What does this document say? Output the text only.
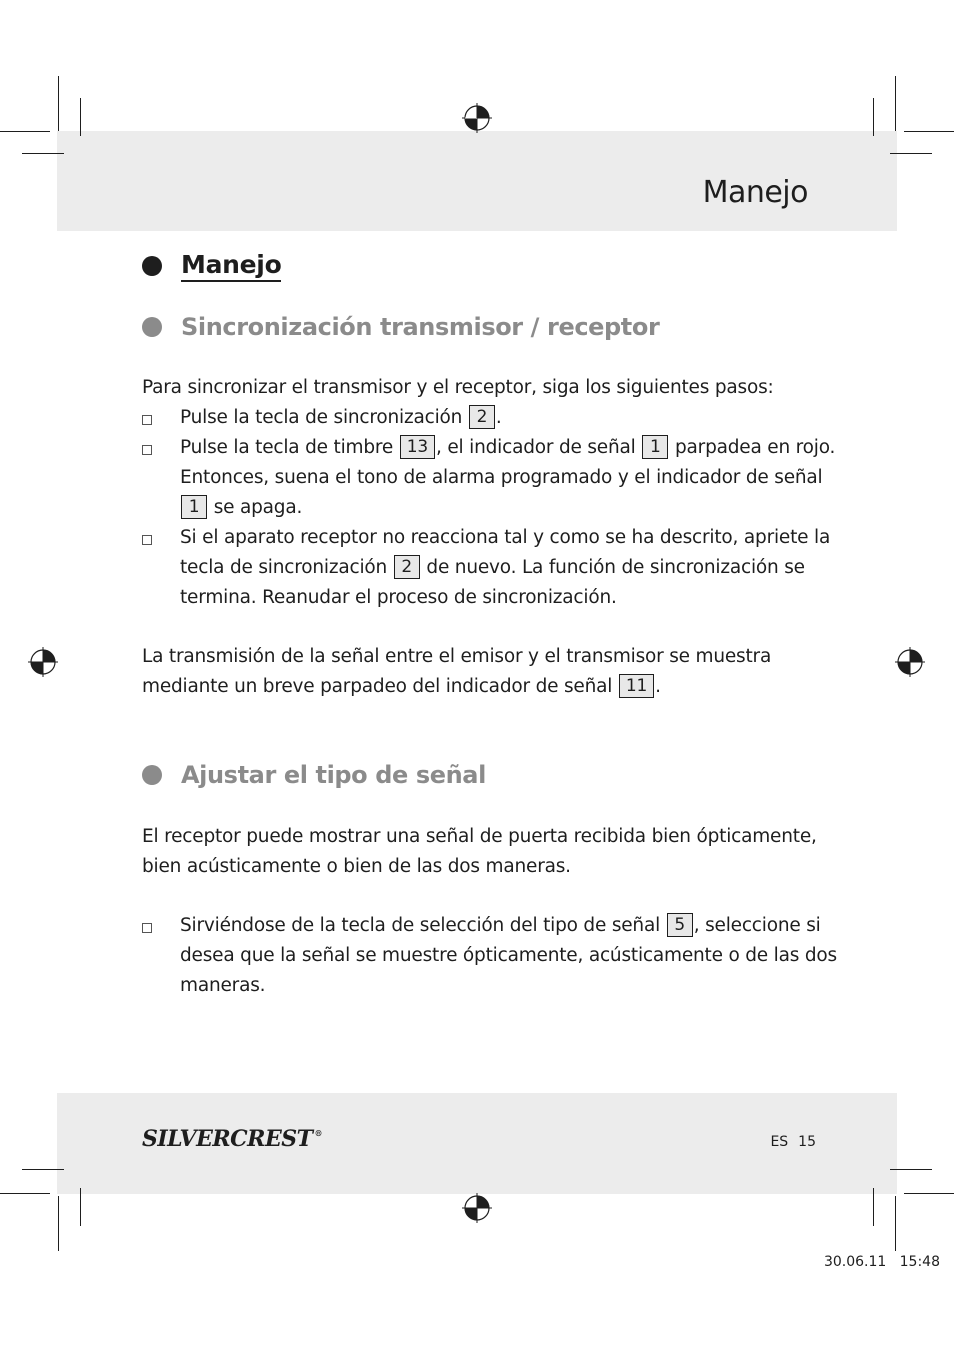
Manejo
Manejo
Sincronización transmisor / receptor
Para sincronizar el transmisor y el receptor, siga los siguientes pasos:
Pulse la tecla de sincronización 2 .
Pulse la tecla de timbre 13 , el indicador de señal 1 parpadea en rojo. Entonces, suena el tono de alarma programado y el indicador de señal 1 se apaga.
Si el aparato receptor no reacciona tal y como se ha descrito, apriete la tecla de sincronización 2 de nuevo. La función de sincronización se termina. Reanudar el proceso de sincronización.
La transmisión de la señal entre el emisor y el transmisor se muestra mediante un breve parpadeo del indicador de señal 11 .
Ajustar el tipo de señal
El receptor puede mostrar una señal de puerta recibida bien ópticamente, bien acústicamente o bien de las dos maneras.
Sirviéndose de la tecla de selección del tipo de señal 5 , seleccione si desea que la señal se muestre ópticamente, acústicamente o de las dos maneras.
SILVERCREST ®
ES 15
30.06.11 15:48
